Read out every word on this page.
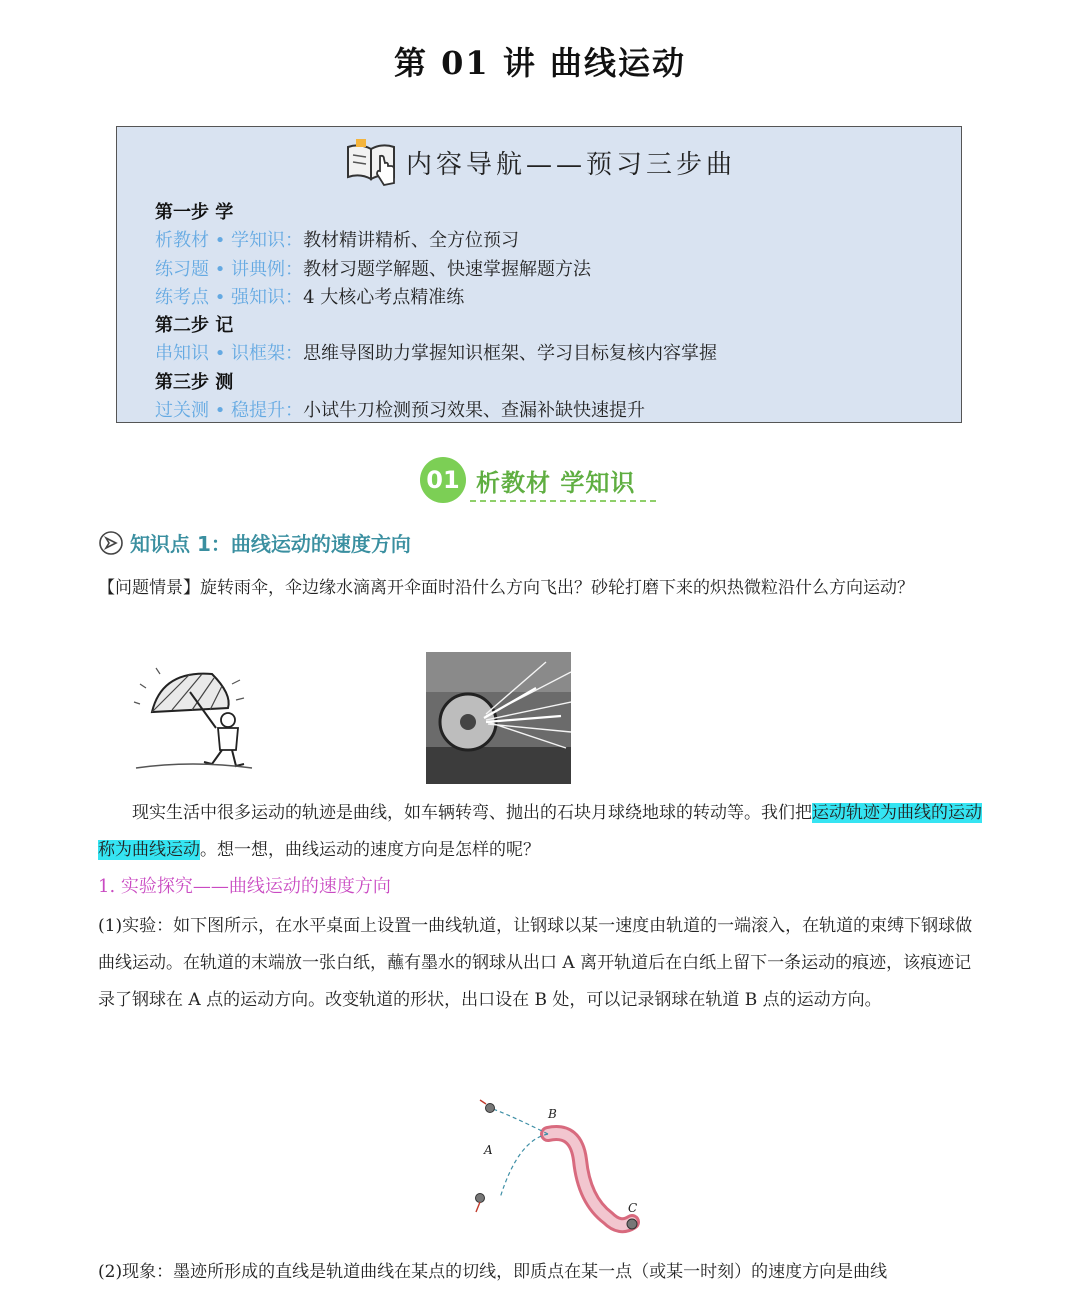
第 01 讲 曲线运动
内容导航——预习三步曲
第一步 学
析教材 • 学知识：教材精讲精析、全方位预习
练习题 • 讲典例：教材习题学解题、快速掌握解题方法
练考点 • 强知识：4 大核心考点精准练
第二步 记
串知识 • 识框架：思维导图助力掌握知识框架、学习目标复核内容掌握
第三步 测
过关测 • 稳提升：小试牛刀检测预习效果、查漏补缺快速提升
01 析教材 学知识
知识点 1：曲线运动的速度方向
【问题情景】旋转雨伞，伞边缘水滴离开伞面时沿什么方向飞出？砂轮打磨下来的炽热微粒沿什么方向运动？
现实生活中很多运动的轨迹是曲线，如车辆转弯、抛出的石块月球绕地球的转动等。我们把运动轨迹为曲线的运动称为曲线运动。想一想，曲线运动的速度方向是怎样的呢？
1. 实验探究——曲线运动的速度方向
(1)实验：如下图所示，在水平桌面上设置一曲线轨道，让钢球以某一速度由轨道的一端滚入，在轨道的束缚下钢球做曲线运动。在轨道的末端放一张白纸，蘸有墨水的钢球从出口 A 离开轨道后在白纸上留下一条运动的痕迹，该痕迹记录了钢球在 A 点的运动方向。改变轨道的形状，出口设在 B 处，可以记录钢球在轨道 B 点的运动方向。
A
B
C
(2)现象：墨迹所形成的直线是轨道曲线在某点的切线，即质点在某一点（或某一时刻）的速度方向是曲线
